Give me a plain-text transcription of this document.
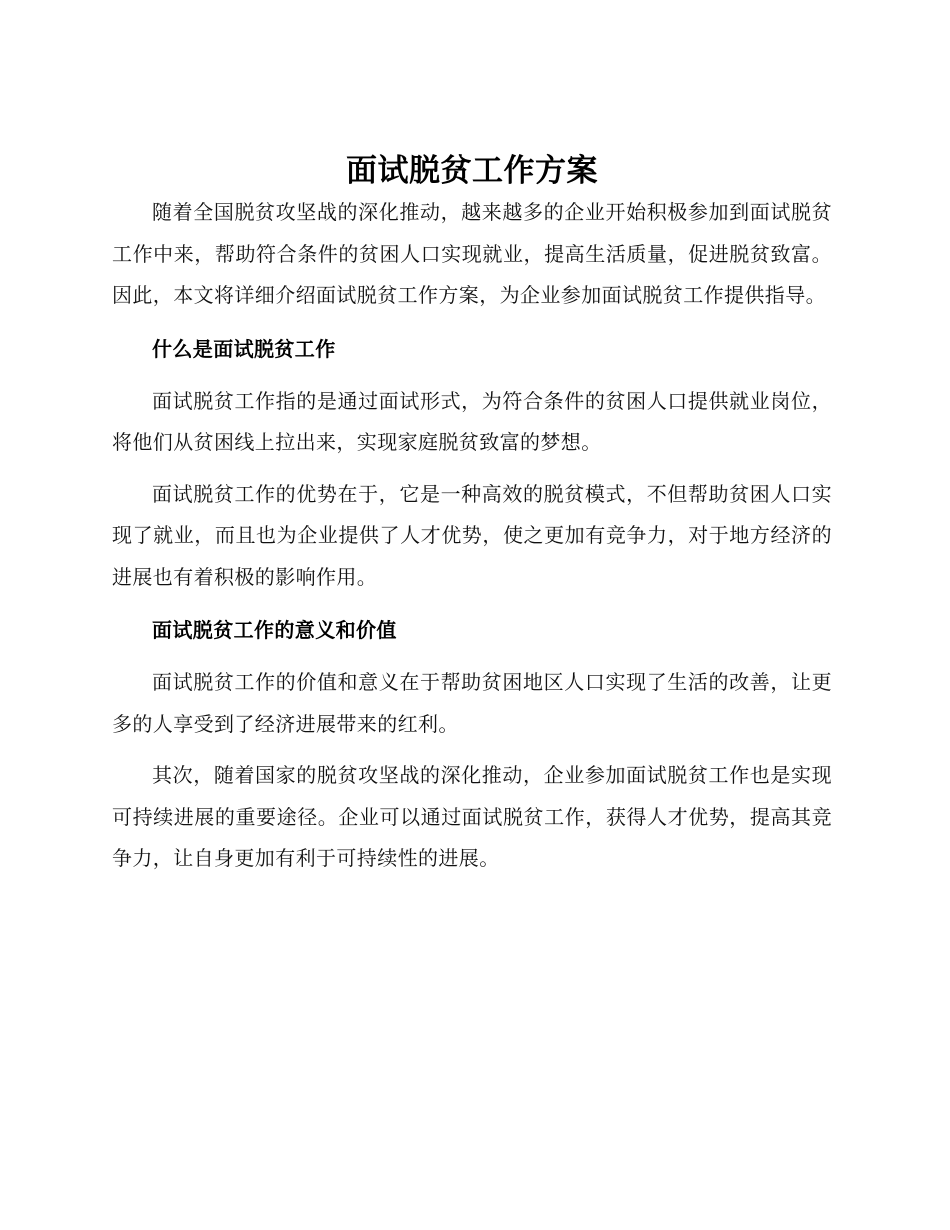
面试脱贫工作方案

随着全国脱贫攻坚战的深化推动，越来越多的企业开始积极参加到面试脱贫工作中来，帮助符合条件的贫困人口实现就业，提高生活质量，促进脱贫致富。因此，本文将详细介绍面试脱贫工作方案，为企业参加面试脱贫工作提供指导。

什么是面试脱贫工作

面试脱贫工作指的是通过面试形式，为符合条件的贫困人口提供就业岗位，将他们从贫困线上拉出来，实现家庭脱贫致富的梦想。

面试脱贫工作的优势在于，它是一种高效的脱贫模式，不但帮助贫困人口实现了就业，而且也为企业提供了人才优势，使之更加有竞争力，对于地方经济的进展也有着积极的影响作用。

面试脱贫工作的意义和价值

面试脱贫工作的价值和意义在于帮助贫困地区人口实现了生活的改善，让更多的人享受到了经济进展带来的红利。

其次，随着国家的脱贫攻坚战的深化推动，企业参加面试脱贫工作也是实现可持续进展的重要途径。企业可以通过面试脱贫工作，获得人才优势，提高其竞争力，让自身更加有利于可持续性的进展。
